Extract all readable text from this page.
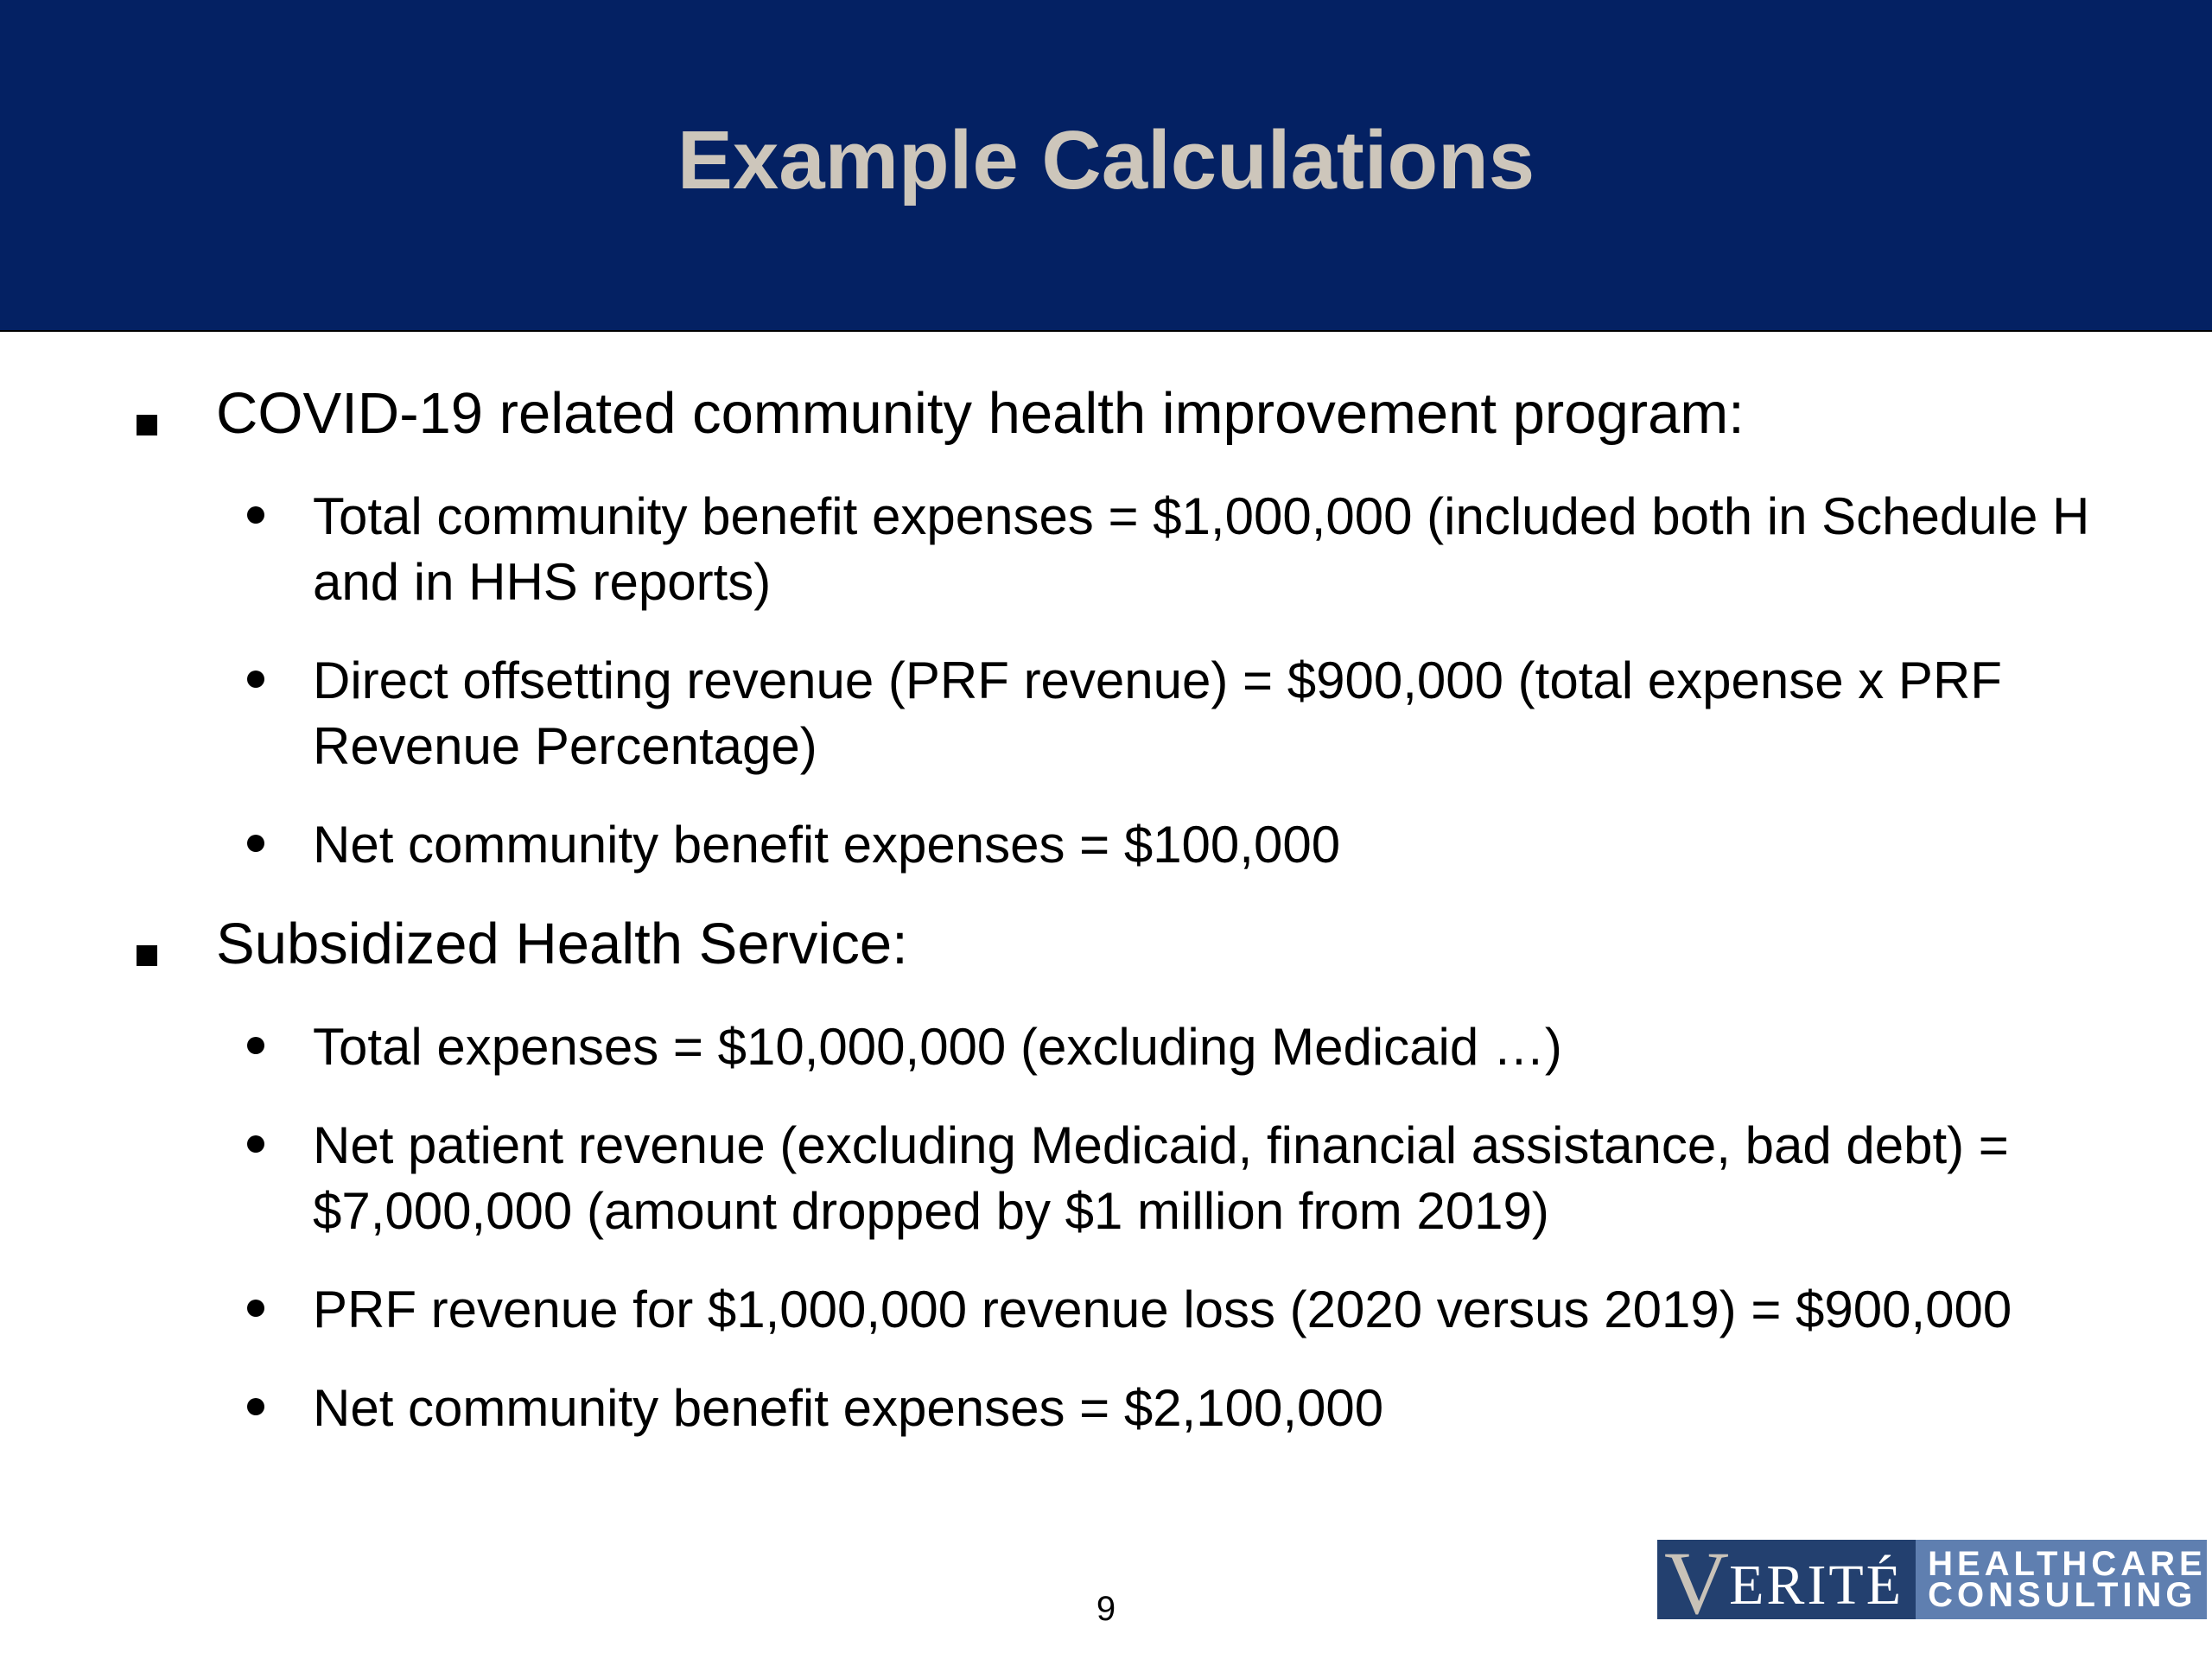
Example Calculations
COVID-19 related community health improvement program:
Total community benefit expenses = $1,000,000 (included both in Schedule H and in HHS reports)
Direct offsetting revenue (PRF revenue) = $900,000 (total expense x PRF Revenue Percentage)
Net community benefit expenses = $100,000
Subsidized Health Service:
Total expenses = $10,000,000 (excluding Medicaid …)
Net patient revenue (excluding Medicaid, financial assistance, bad debt) = $7,000,000 (amount dropped by $1 million from 2019)
PRF revenue for $1,000,000 revenue loss (2020 versus 2019) = $900,000
Net community benefit expenses = $2,100,000
9	V ERITÉ HEALTHCARE
CONSULTING
